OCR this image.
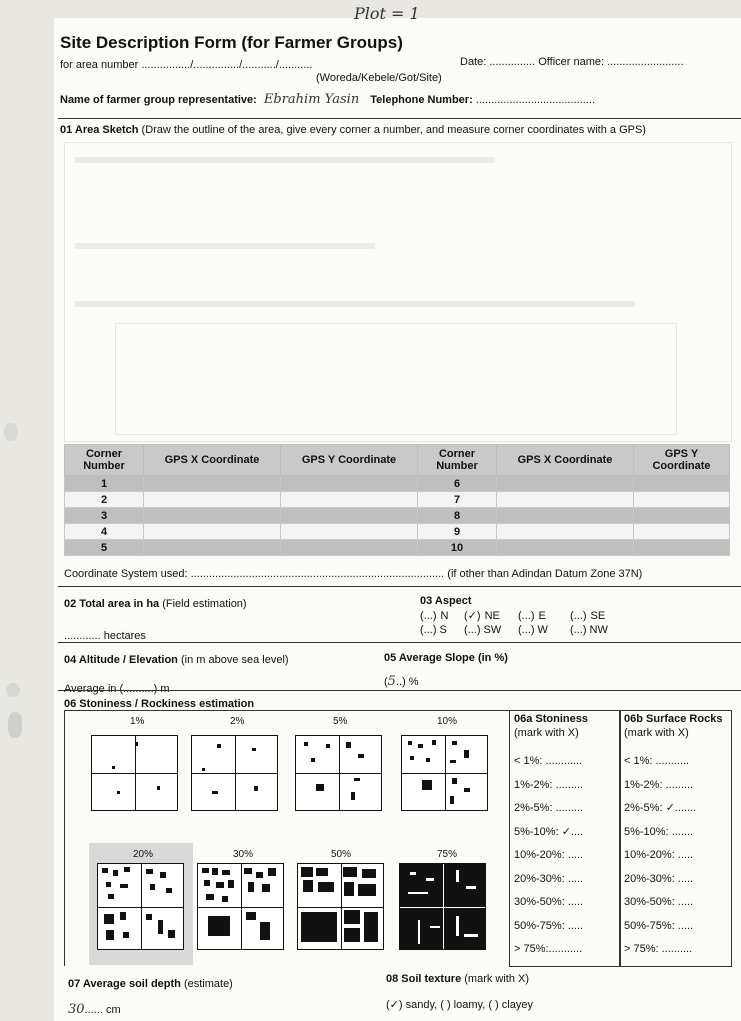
Plot = 1
Site Description Form (for Farmer Groups)
for area number ................/.............../.........../...........	Date: ............... Officer name: .........................
(Woreda/Kebele/Got/Site)
Name of farmer group representative: Ebrahim Yasin Telephone Number: .......................................
01 Area Sketch (Draw the outline of the area, give every corner a number, and measure corner coordinates with a GPS)
Corner Number	GPS X Coordinate	GPS Y Coordinate	Corner Number	GPS X Coordinate	GPS Y Coordinate
1			6		
2			7		
3			8		
4			9		
5			10		
Coordinate System used: ................................................................................... (if other than Adindan Datum Zone 37N)
02 Total area in ha (Field estimation)
............ hectares
03 Aspect
(...) N (✓) NE (...) E (...) SE
(...) S (...) SW (...) W (...) NW
04 Altitude / Elevation (in m above sea level)
Average in (..........) m
05 Average Slope (in %)
(5..) %
06 Stoniness / Rockiness estimation
1%	2%	5%	10%
20%	30%	50%	75%
06a Stoniness
(mark with X)
< 1%: ............
1%-2%: .........
2%-5%: .........
5%-10%: ✓....
10%-20%: .....
20%-30%: .....
30%-50%: .....
50%-75%: .....
> 75%:...........
06b Surface Rocks
(mark with X)
< 1%: ...........
1%-2%: .........
2%-5%: ✓.......
5%-10%: .......
10%-20%: .....
20%-30%: .....
30%-50%: .....
50%-75%: .....
> 75%: ..........
07 Average soil depth (estimate)
30...... cm
08 Soil texture (mark with X)
(✓) sandy, ( ) loamy, ( ) clayey
